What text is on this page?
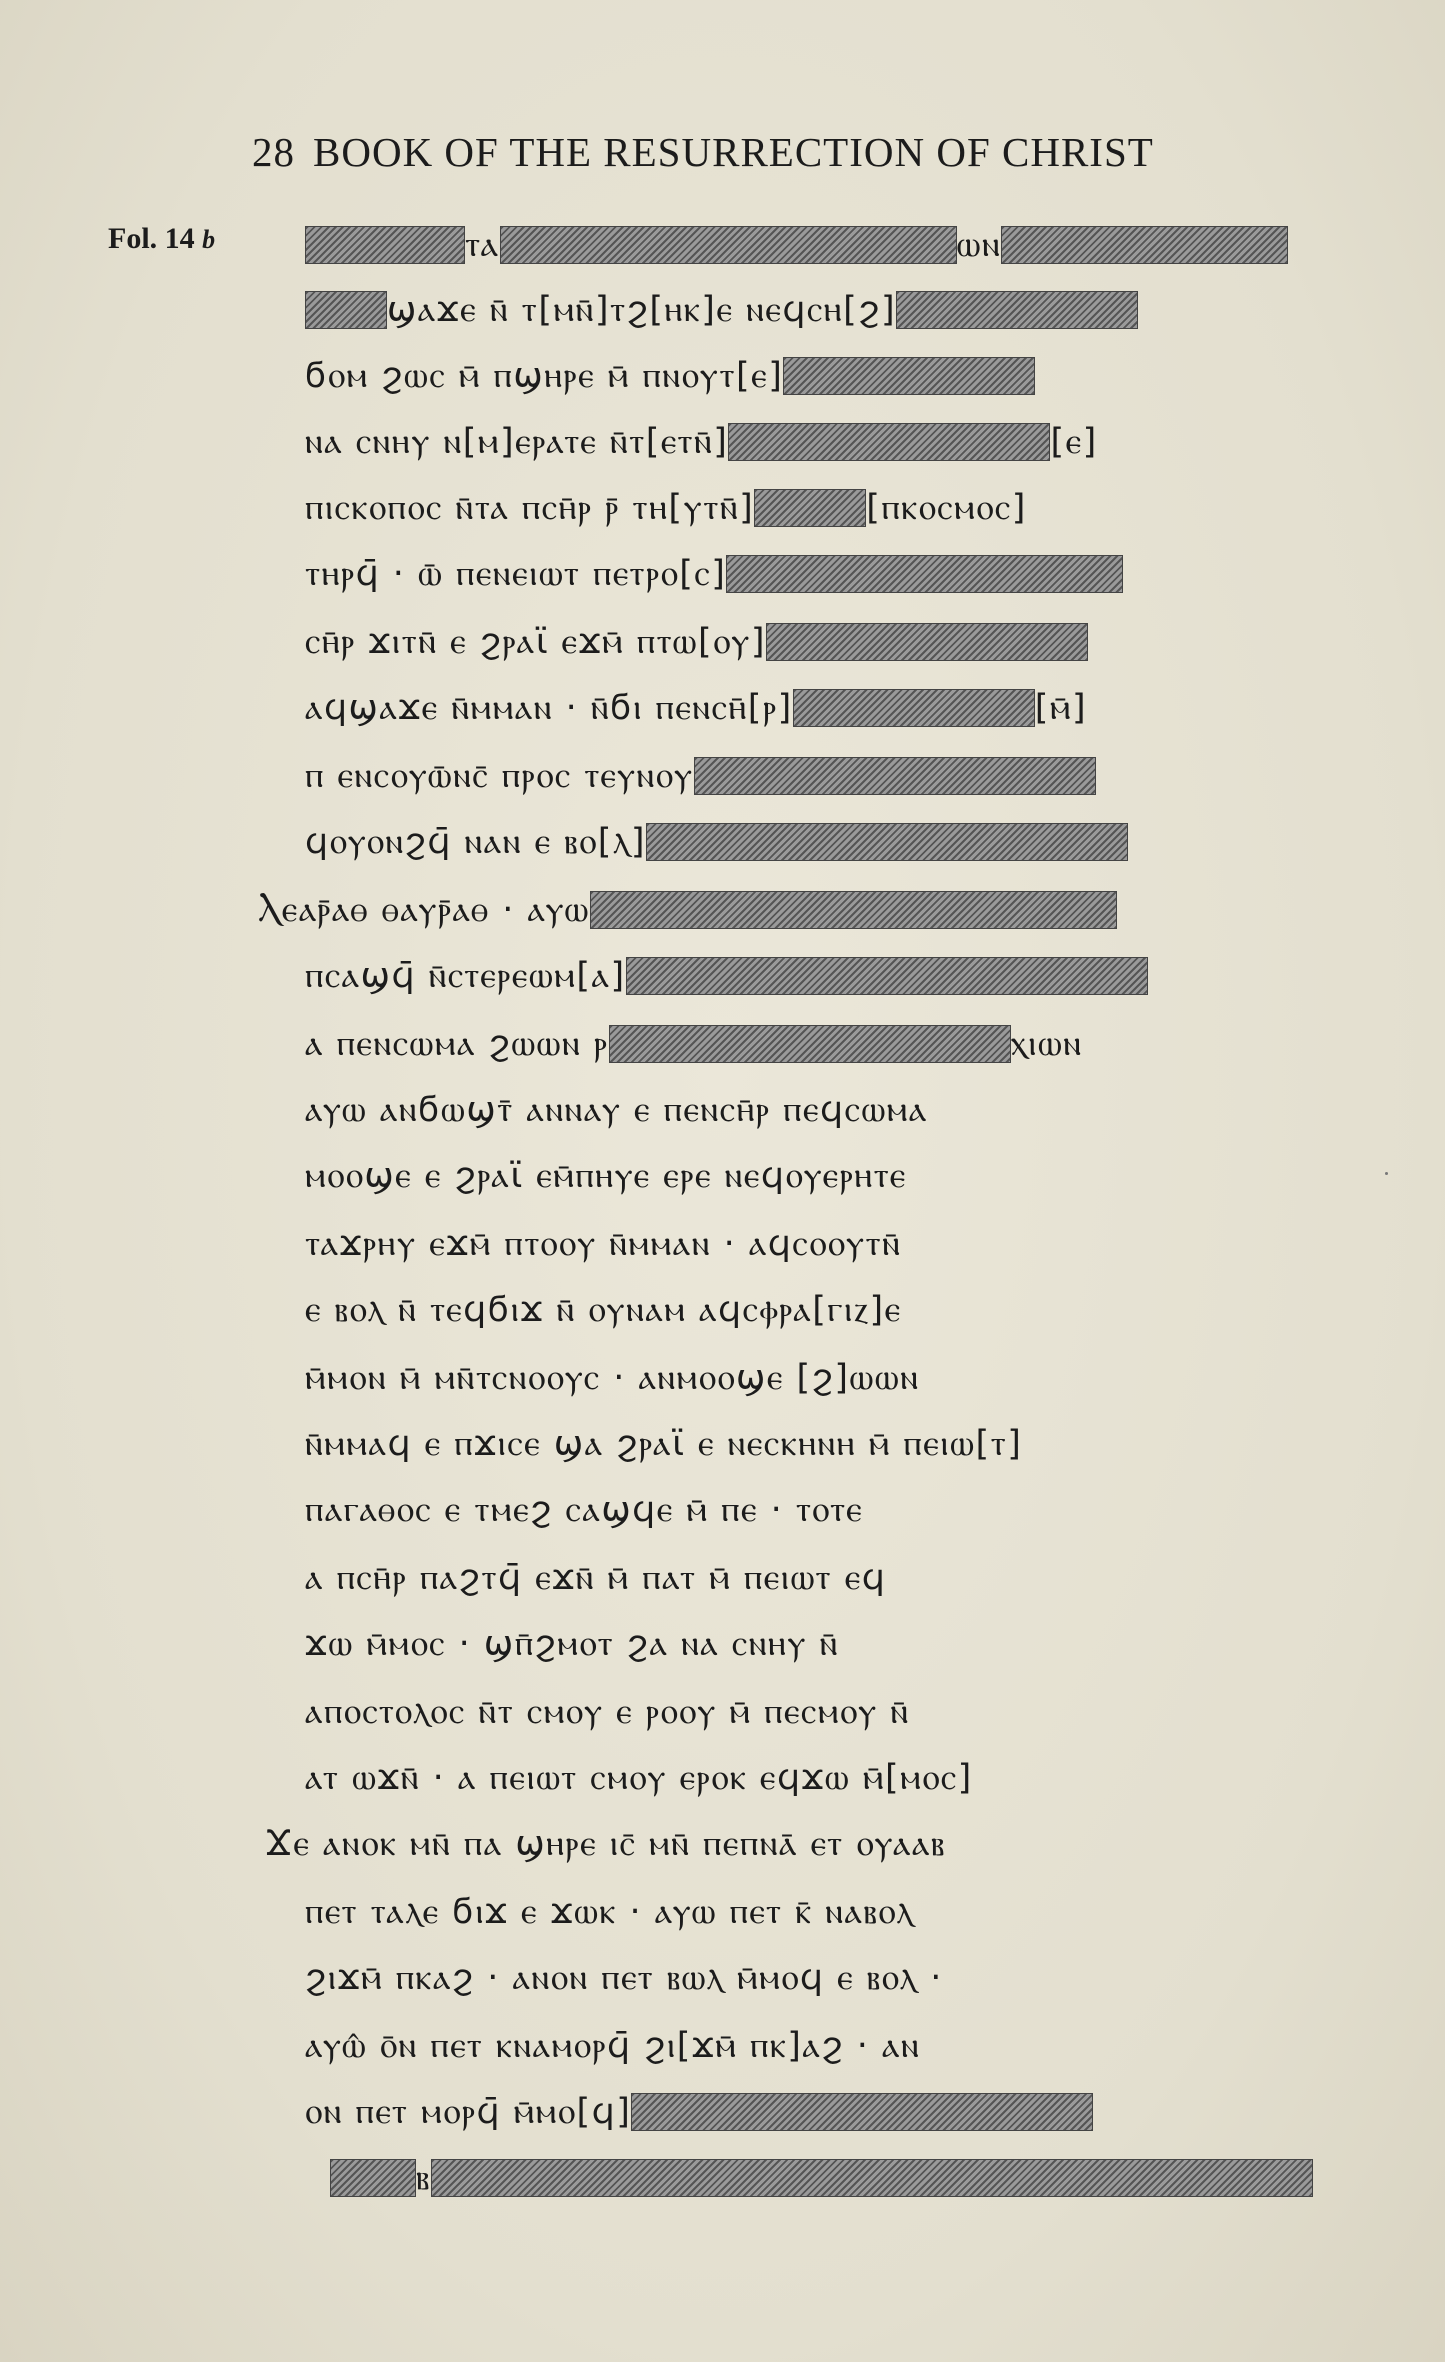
28 BOOK OF THE RESURRECTION OF CHRIST
Fol. 14 b	ⲧⲁ	ⲱⲛ
ϣⲁϫⲉ ⲛ̄ ⲧ[ⲙⲛ̄]ⲧϩ[ⲏⲕ]ⲉ ⲛⲉϥⲥⲏ[ϩ]
ϭⲟⲙ ϩⲱⲥ ⲙ̄ ⲡϣⲏⲣⲉ ⲙ̄ ⲡⲛⲟⲩⲧ[ⲉ]
ⲛⲁ ⲥⲛⲏⲩ ⲛ[ⲙ]ⲉⲣⲁⲧⲉ ⲛ̄ⲧ[ⲉⲧⲛ̄]	[ⲉ]
ⲡⲓⲥⲕⲟⲡⲟⲥ ⲛ̄ⲧⲁ ⲡⲥⲏ̄ⲣ ⲣ̄ ⲧⲏ[ⲩⲧⲛ̄]	[ⲡⲕⲟⲥⲙⲟⲥ]
ⲧⲏⲣϥ̄ · ⲱ̄ ⲡⲉⲛⲉⲓⲱⲧ ⲡⲉⲧⲣⲟ[ⲥ]
ⲥⲏ̄ⲣ ϫⲓⲧⲛ̄ ⲉ ϩⲣⲁϊ ⲉϫⲙ̄ ⲡⲧⲱ[ⲟⲩ]
ⲁϥϣⲁϫⲉ ⲛ̄ⲙⲙⲁⲛ · ⲛ̄ϭⲓ ⲡⲉⲛⲥⲏ̄[ⲣ]	[ⲙ̄]
ⲡ ⲉⲛⲥⲟⲩⲱ̄ⲛⲥ̄ ⲡⲣⲟⲥ ⲧⲉⲩⲛⲟⲩ
ϥⲟⲩⲟⲛϩϥ̄ ⲛⲁⲛ ⲉ ⲃⲟ[ⲗ]
Ⲗⲉⲁⲣ̄ⲁⲑ ⲑⲁⲩⲣ̄ⲁⲑ · ⲁⲩⲱ
ⲡⲥⲁϣϥ̄ ⲛ̄ⲥⲧⲉⲣⲉⲱⲙ[ⲁ]
ⲁ ⲡⲉⲛⲥⲱⲙⲁ ϩⲱⲱⲛ ⲣ	ⲭⲓⲱⲛ
ⲁⲩⲱ ⲁⲛϭⲱϣⲧ̄ ⲁⲛⲛⲁⲩ ⲉ ⲡⲉⲛⲥⲏ̄ⲣ ⲡⲉϥⲥⲱⲙⲁ
ⲙⲟⲟϣⲉ ⲉ ϩⲣⲁϊ ⲉⲙ̄ⲡⲏⲩⲉ ⲉⲣⲉ ⲛⲉϥⲟⲩⲉⲣⲏⲧⲉ
ⲧⲁϫⲣⲏⲩ ⲉϫⲙ̄ ⲡⲧⲟⲟⲩ ⲛ̄ⲙⲙⲁⲛ · ⲁϥⲥⲟⲟⲩⲧⲛ̄
ⲉ ⲃⲟⲗ ⲛ̄ ⲧⲉϥϭⲓϫ ⲛ̄ ⲟⲩⲛⲁⲙ ⲁϥⲥⲫⲣⲁ[ⲅⲓⲍ]ⲉ
ⲙ̄ⲙⲟⲛ ⲙ̄ ⲙⲛ̄ⲧⲥⲛⲟⲟⲩⲥ · ⲁⲛⲙⲟⲟϣⲉ [ϩ]ⲱⲱⲛ
ⲛ̄ⲙⲙⲁϥ ⲉ ⲡϫⲓⲥⲉ ϣⲁ ϩⲣⲁϊ ⲉ ⲛⲉⲥⲕⲏⲛⲏ ⲙ̄ ⲡⲉⲓⲱ[ⲧ]
ⲡⲁⲅⲁⲑⲟⲥ ⲉ ⲧⲙⲉϩ ⲥⲁϣϥⲉ ⲙ̄ ⲡⲉ · ⲧⲟⲧⲉ
ⲁ ⲡⲥⲏ̄ⲣ ⲡⲁϩⲧϥ̄ ⲉϫⲛ̄ ⲙ̄ ⲡⲁⲧ ⲙ̄ ⲡⲉⲓⲱⲧ ⲉϥ
ϫⲱ ⲙ̄ⲙⲟⲥ · ϣⲡ̄ϩⲙⲟⲧ ϩⲁ ⲛⲁ ⲥⲛⲏⲩ ⲛ̄
ⲁⲡⲟⲥⲧⲟⲗⲟⲥ ⲛ̄ⲧ ⲥⲙⲟⲩ ⲉ ⲣⲟⲟⲩ ⲙ̄ ⲡⲉⲥⲙⲟⲩ ⲛ̄
ⲁⲧ ⲱϫⲛ̄ · ⲁ ⲡⲉⲓⲱⲧ ⲥⲙⲟⲩ ⲉⲣⲟⲕ ⲉϥϫⲱ ⲙ̄[ⲙⲟⲥ]
Ϫⲉ ⲁⲛⲟⲕ ⲙⲛ̄ ⲡⲁ ϣⲏⲣⲉ ⲓⲥ̄ ⲙⲛ̄ ⲡⲉⲡⲛⲁ̄ ⲉⲧ ⲟⲩⲁⲁⲃ
ⲡⲉⲧ ⲧⲁⲗⲉ ϭⲓϫ ⲉ ϫⲱⲕ · ⲁⲩⲱ ⲡⲉⲧ ⲕ̄ ⲛⲁⲃⲟⲗ
ϩⲓϫⲙ̄ ⲡⲕⲁϩ · ⲁⲛⲟⲛ ⲡⲉⲧ ⲃⲱⲗ ⲙ̄ⲙⲟϥ ⲉ ⲃⲟⲗ ·
ⲁⲩⲱ̂ ⲟ̄ⲛ ⲡⲉⲧ ⲕⲛⲁⲙⲟⲣϥ̄ ϩⲓ[ϫⲙ̄ ⲡⲕ]ⲁϩ · ⲁⲛ
ⲟⲛ ⲡⲉⲧ ⲙⲟⲣϥ̄ ⲙ̄ⲙⲟ[ϥ]
ⲃ
